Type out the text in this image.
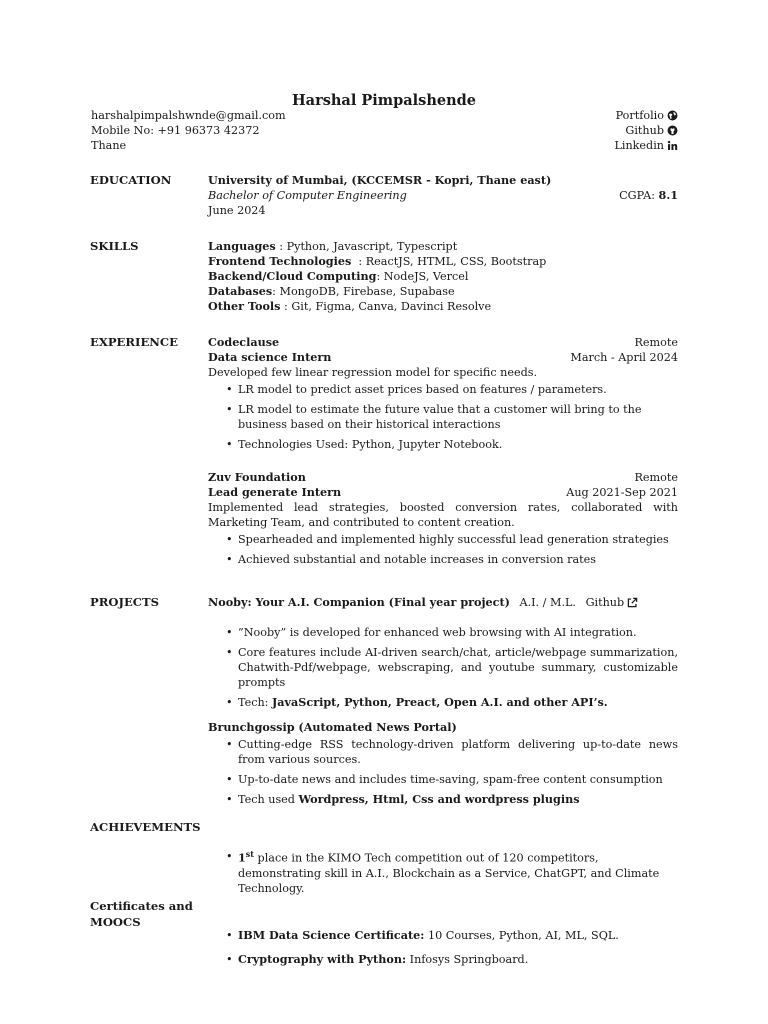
Harshal Pimpalshende
harshalpimpalshwnde@gmail.com
Mobile No: +91 96373 42372
Thane
Portfolio
Github
Linkedin
EDUCATION	University of Mumbai, (KCCEMSR - Kopri, Thane east)
Bachelor of Computer Engineering	CGPA: 8.1
June 2024
SKILLS	Languages : Python, Javascript, Typescript
Frontend Technologies  : ReactJS, HTML, CSS, Bootstrap
Backend/Cloud Computing: NodeJS, Vercel
Databases: MongoDB, Firebase, Supabase
Other Tools : Git, Figma, Canva, Davinci Resolve
EXPERIENCE	Codeclause	Remote
Data science Intern	March - April 2024
Developed few linear regression model for specific needs.
• LR model to predict asset prices based on features / parameters.
• LR model to estimate the future value that a customer will bring to the business based on their historical interactions
• Technologies Used: Python, Jupyter Notebook.
Zuv Foundation	Remote
Lead generate Intern	Aug 2021-Sep 2021
Implemented lead strategies, boosted conversion rates, collaborated with Marketing Team, and contributed to content creation.
• Spearheaded and implemented highly successful lead generation strategies
• Achieved substantial and notable increases in conversion rates
PROJECTS	Nooby: Your A.I. Companion (Final year project) A.I. / M.L. Github
• ”Nooby” is developed for enhanced web browsing with AI integration.
• Core features include AI-driven search/chat, article/webpage summarization, Chatwith-Pdf/webpage, webscraping, and youtube summary, customizable prompts
• Tech: JavaScript, Python, Preact, Open A.I. and other API’s.
Brunchgossip (Automated News Portal)
• Cutting-edge RSS technology-driven platform delivering up-to-date news from various sources.
• Up-to-date news and includes time-saving, spam-free content consumption
• Tech used Wordpress, Html, Css and wordpress plugins
ACHIEVEMENTS
• 1st place in the KIMO Tech competition out of 120 competitors, demonstrating skill in A.I., Blockchain as a Service, ChatGPT, and Climate Technology.
Certificates and
MOOCS
• IBM Data Science Certificate: 10 Courses, Python, AI, ML, SQL.
• Cryptography with Python: Infosys Springboard.
